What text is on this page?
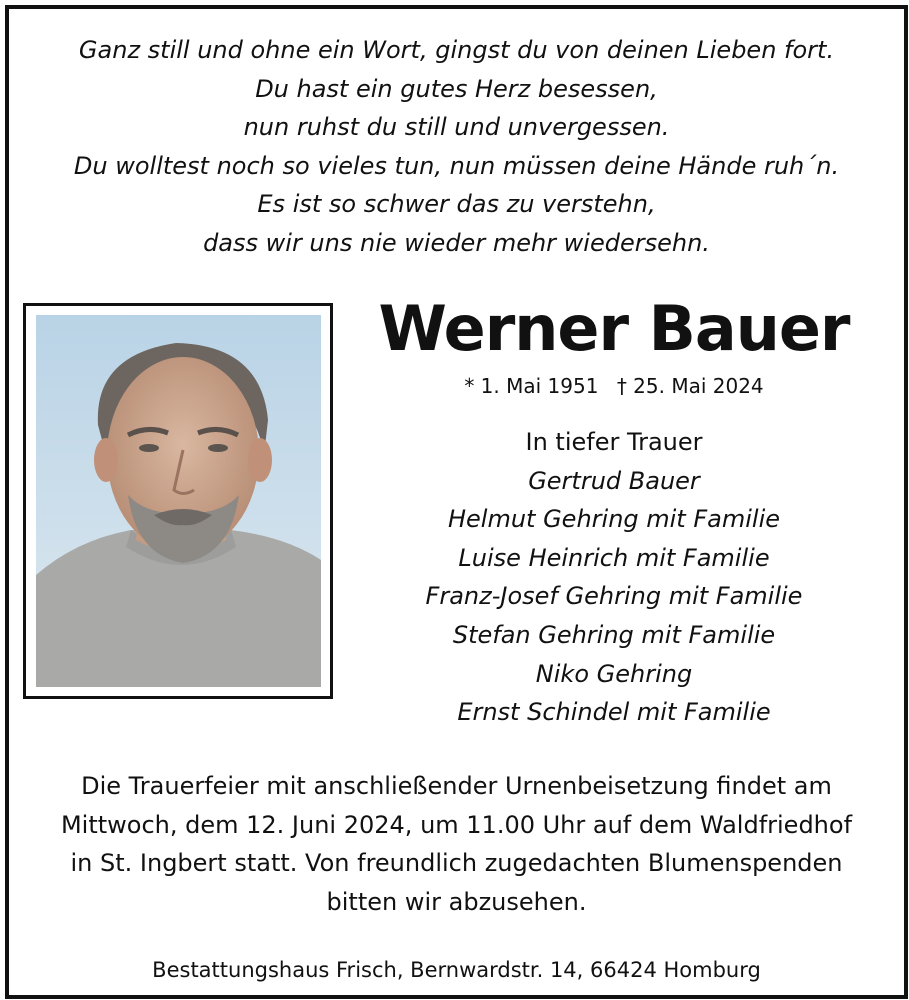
Ganz still und ohne ein Wort, gingst du von deinen Lieben fort.
Du hast ein gutes Herz besessen,
nun ruhst du still und unvergessen.
Du wolltest noch so vieles tun, nun müssen deine Hände ruh´n.
Es ist so schwer das zu verstehn,
dass wir uns nie wieder mehr wiedersehn.
Werner Bauer
* 1. Mai 1951 † 25. Mai 2024
In tiefer Trauer
Gertrud Bauer
Helmut Gehring mit Familie
Luise Heinrich mit Familie
Franz-Josef Gehring mit Familie
Stefan Gehring mit Familie
Niko Gehring
Ernst Schindel mit Familie
Die Trauerfeier mit anschließender Urnenbeisetzung findet am
Mittwoch, dem 12. Juni 2024, um 11.00 Uhr auf dem Waldfriedhof
in St. Ingbert statt. Von freundlich zugedachten Blumenspenden
bitten wir abzusehen.
Bestattungshaus Frisch, Bernwardstr. 14, 66424 Homburg
